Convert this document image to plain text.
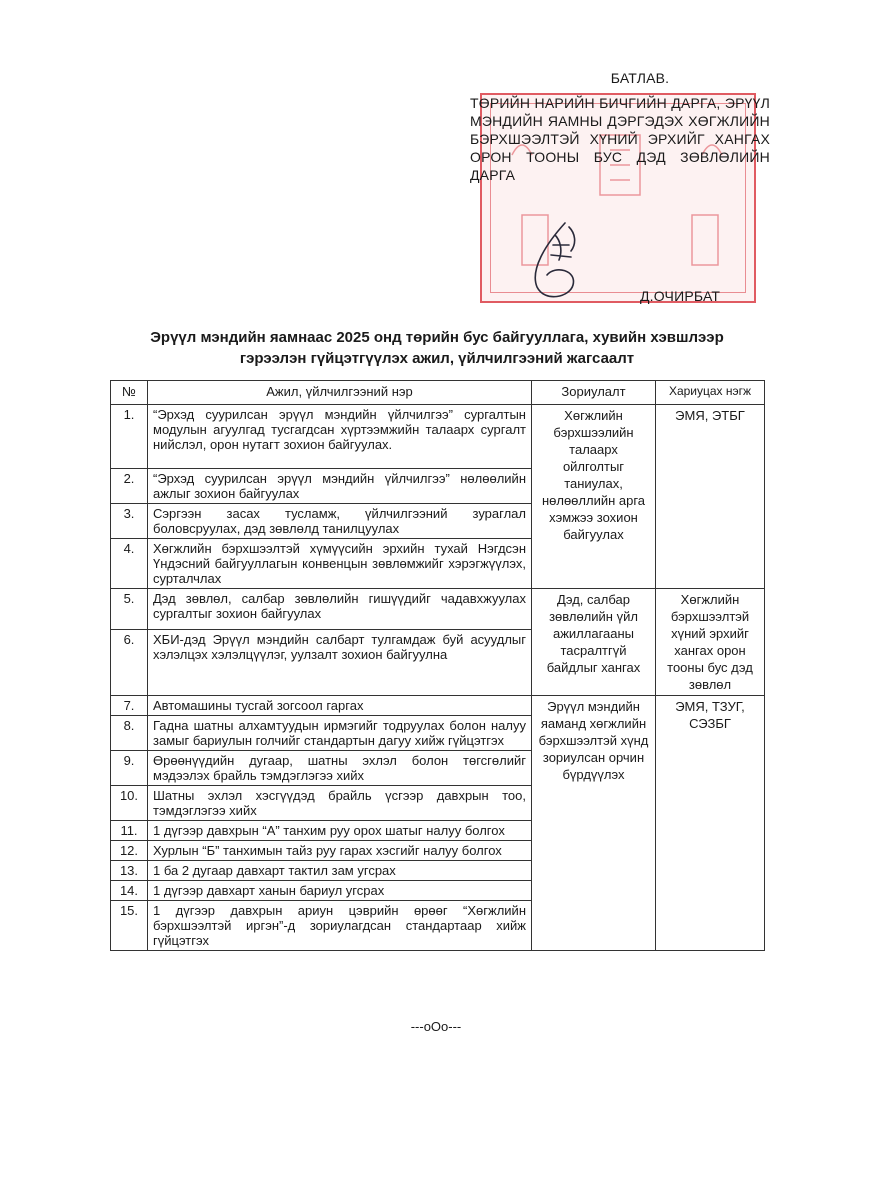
БАТЛАВ.
ТӨРИЙН НАРИЙН БИЧГИЙН ДАРГА, ЭРҮҮЛ МЭНДИЙН ЯАМНЫ ДЭРГЭДЭХ ХӨГЖЛИЙН БЭРХШЭЭЛТЭЙ ХҮНИЙ ЭРХИЙГ ХАНГАХ ОРОН ТООНЫ БУС ДЭД ЗӨВЛӨЛИЙН ДАРГА
Д.ОЧИРБАТ
Эрүүл мэндийн яамнаас 2025 онд төрийн бус байгууллага, хувийн хэвшлээр
гэрээлэн гүйцэтгүүлэх ажил, үйлчилгээний жагсаалт
№	Ажил, үйлчилгээний нэр	Зориулалт	Хариуцах нэгж
1.	“Эрхэд суурилсан эрүүл мэндийн үйлчилгээ” сургалтын модулын агуулгад тусгагдсан хүртээмжийн талаарх сургалт нийслэл, орон нутагт зохион байгуулах.	Хөгжлийн бэрхшээлийн талаарх ойлголтыг таниулах, нөлөөллийн арга хэмжээ зохион байгуулах	ЭМЯ, ЭТБГ
2.	“Эрхэд суурилсан эрүүл мэндийн үйлчилгээ” нөлөөлийн ажлыг зохион байгуулах		
3.	Сэргээн засах тусламж, үйлчилгээний зураглал боловсруулах, дэд зөвлөлд танилцуулах		
4.	Хөгжлийн бэрхшээлтэй хүмүүсийн эрхийн тухай Нэгдсэн Үндэсний байгууллагын конвенцын зөвлөмжийг хэрэгжүүлэх, сурталчлах		
5.	Дэд зөвлөл, салбар зөвлөлийн гишүүдийг чадавхжуулах сургалтыг зохион байгуулах	Дэд, салбар зөвлөлийн үйл ажиллагааны тасралтгүй байдлыг хангах	Хөгжлийн бэрхшээлтэй хүний эрхийг хангах орон тооны бус дэд зөвлөл
6.	ХБИ-дэд Эрүүл мэндийн салбарт тулгамдаж буй асуудлыг хэлэлцэх хэлэлцүүлэг, уулзалт зохион байгуулна		
7.	Автомашины тусгай зогсоол гаргах	Эрүүл мэндийн яаманд хөгжлийн бэрхшээлтэй хүнд зориулсан орчин бүрдүүлэх	ЭМЯ, ТЗУГ, СЭЗБГ
8.	Гадна шатны алхамтуудын ирмэгийг тодруулах болон налуу замыг бариулын голчийг стандартын дагуу хийж гүйцэтгэх		
9.	Өрөөнүүдийн дугаар, шатны эхлэл болон төгсгөлийг мэдээлэх брайль тэмдэглэгээ хийх		
10.	Шатны эхлэл хэсгүүдэд брайль үсгээр давхрын тоо, тэмдэглэгээ хийх		
11.	1 дүгээр давхрын “А” танхим руу орох шатыг налуу болгох		
12.	Хурлын “Б” танхимын тайз руу гарах хэсгийг налуу болгох		
13.	1 ба 2 дугаар давхарт тактил зам угсрах		
14.	1 дүгээр давхарт ханын бариул угсрах		
15.	1 дүгээр давхрын ариун цэврийн өрөөг “Хөгжлийн бэрхшээлтэй иргэн”-д зориулагдсан стандартаар хийж гүйцэтгэх		
---oOo---
